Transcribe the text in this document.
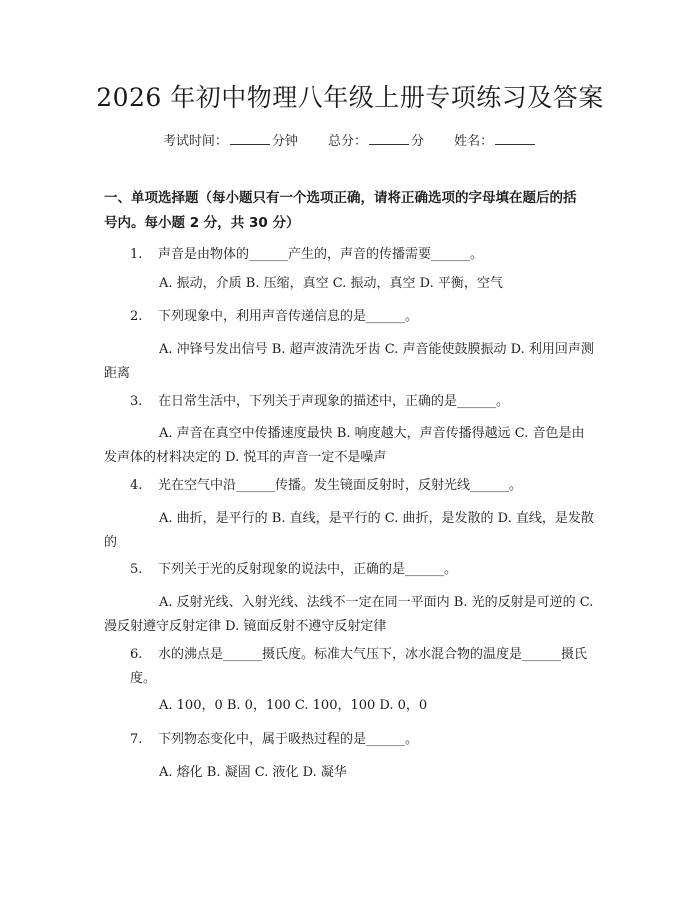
2026 年初中物理八年级上册专项练习及答案
考试时间：	分钟 总分：	分 姓名：
一、单项选择题（每小题只有一个选项正确，请将正确选项的字母填在题后的括
号内。每小题 2 分，共 30 分）
1. 声音是由物体的______产生的，声音的传播需要______。
A. 振动，介质 B. 压缩，真空 C. 振动，真空 D. 平衡，空气
2. 下列现象中，利用声音传递信息的是______。
A. 冲锋号发出信号 B. 超声波清洗牙齿 C. 声音能使鼓膜振动 D. 利用回声测距离
3. 在日常生活中，下列关于声现象的描述中，正确的是______。
A. 声音在真空中传播速度最快 B. 响度越大，声音传播得越远 C. 音色是由发声体的材料决定的 D. 悦耳的声音一定不是噪声
4. 光在空气中沿______传播。发生镜面反射时，反射光线______。
A. 曲折，是平行的 B. 直线，是平行的 C. 曲折，是发散的 D. 直线，是发散的
5. 下列关于光的反射现象的说法中，正确的是______。
A. 反射光线、入射光线、法线不一定在同一平面内 B. 光的反射是可逆的 C. 漫反射遵守反射定律 D. 镜面反射不遵守反射定律
6. 水的沸点是______摄氏度。标准大气压下，冰水混合物的温度是______摄氏度。
A. 100，0 B. 0，100 C. 100，100 D. 0，0
7. 下列物态变化中，属于吸热过程的是______。
A. 熔化 B. 凝固 C. 液化 D. 凝华
